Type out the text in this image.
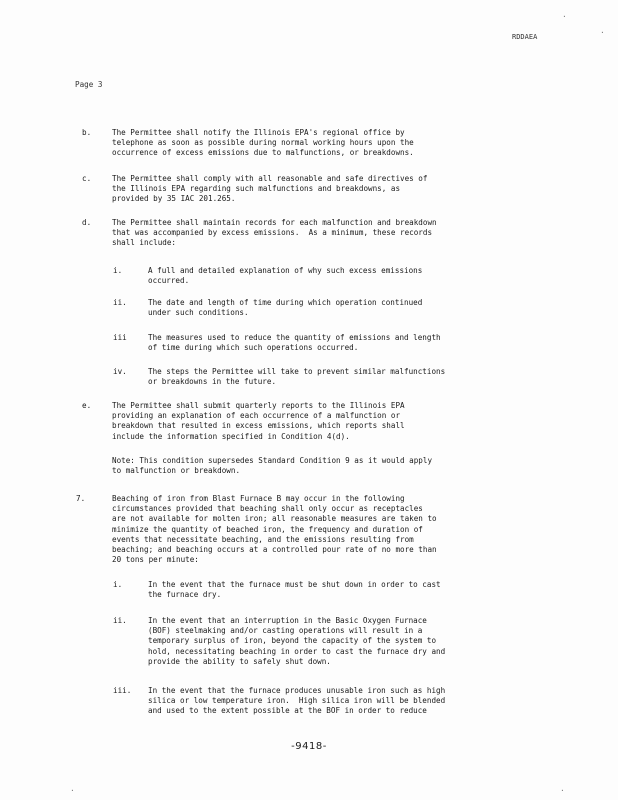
RDDAEA
Page 3
b.	The Permittee shall notify the Illinois EPA's regional office by
telephone as soon as possible during normal working hours upon the
occurrence of excess emissions due to malfunctions, or breakdowns.
c.	The Permittee shall comply with all reasonable and safe directives of
the Illinois EPA regarding such malfunctions and breakdowns, as
provided by 35 IAC 201.265.
d.	The Permittee shall maintain records for each malfunction and breakdown
that was accompanied by excess emissions.  As a minimum, these records
shall include:
i.	A full and detailed explanation of why such excess emissions
occurred.
ii.	The date and length of time during which operation continued
under such conditions.
iii	The measures used to reduce the quantity of emissions and length
of time during which such operations occurred.
iv.	The steps the Permittee will take to prevent similar malfunctions
or breakdowns in the future.
e.	The Permittee shall submit quarterly reports to the Illinois EPA
providing an explanation of each occurrence of a malfunction or
breakdown that resulted in excess emissions, which reports shall
include the information specified in Condition 4(d).
Note: This condition supersedes Standard Condition 9 as it would apply
to malfunction or breakdown.
7.	Beaching of iron from Blast Furnace B may occur in the following
circumstances provided that beaching shall only occur as receptacles
are not available for molten iron; all reasonable measures are taken to
minimize the quantity of beached iron, the frequency and duration of
events that necessitate beaching, and the emissions resulting from
beaching; and beaching occurs at a controlled pour rate of no more than
20 tons per minute:
i.	In the event that the furnace must be shut down in order to cast
the furnace dry.
ii.	In the event that an interruption in the Basic Oxygen Furnace
(BOF) steelmaking and/or casting operations will result in a
temporary surplus of iron, beyond the capacity of the system to
hold, necessitating beaching in order to cast the furnace dry and
provide the ability to safely shut down.
iii. In the event that the furnace produces unusable iron such as high
silica or low temperature iron.  High silica iron will be blended
and used to the extent possible at the BOF in order to reduce
-9418-
.
.
.	.
